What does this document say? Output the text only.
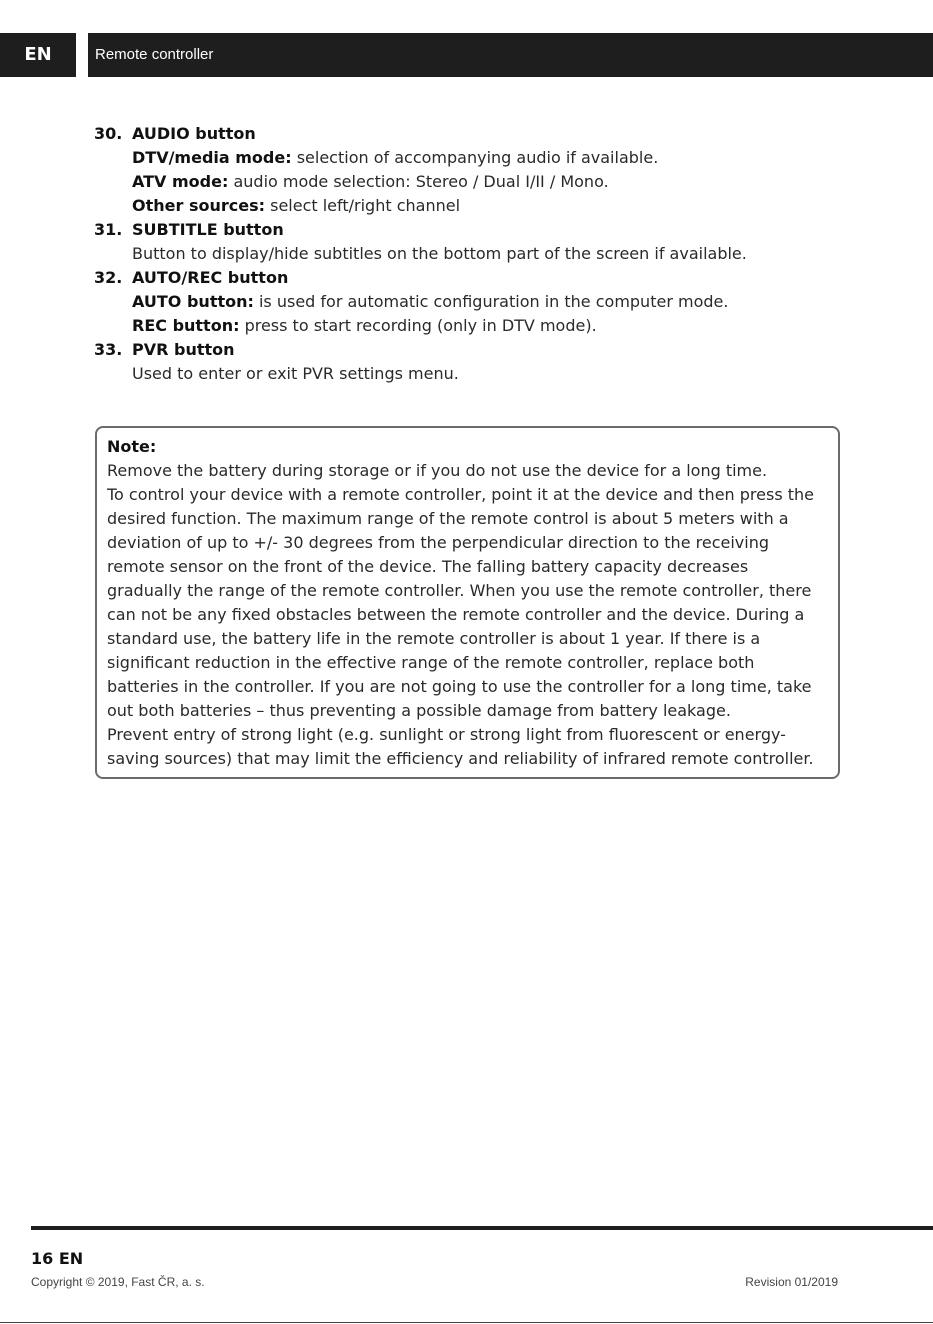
EN	Remote controller
30. AUDIO button
DTV/media mode: selection of accompanying audio if available.
ATV mode: audio mode selection: Stereo / Dual I/II / Mono.
Other sources: select left/right channel
31. SUBTITLE button
Button to display/hide subtitles on the bottom part of the screen if available.
32. AUTO/REC button
AUTO button: is used for automatic configuration in the computer mode.
REC button: press to start recording (only in DTV mode).
33. PVR button
Used to enter or exit PVR settings menu.
Note:
Remove the battery during storage or if you do not use the device for a long time.
To control your device with a remote controller, point it at the device and then press the desired function. The maximum range of the remote control is about 5 meters with a deviation of up to +/- 30 degrees from the perpendicular direction to the receiving remote sensor on the front of the device. The falling battery capacity decreases gradually the range of the remote controller. When you use the remote controller, there can not be any fixed obstacles between the remote controller and the device. During a standard use, the battery life in the remote controller is about 1 year. If there is a significant reduction in the effective range of the remote controller, replace both batteries in the controller. If you are not going to use the controller for a long time, take out both batteries – thus preventing a possible damage from battery leakage.
Prevent entry of strong light (e.g. sunlight or strong light from fluorescent or energy-saving sources) that may limit the efficiency and reliability of infrared remote controller.
16 EN
Copyright © 2019, Fast ČR, a. s.	Revision 01/2019
